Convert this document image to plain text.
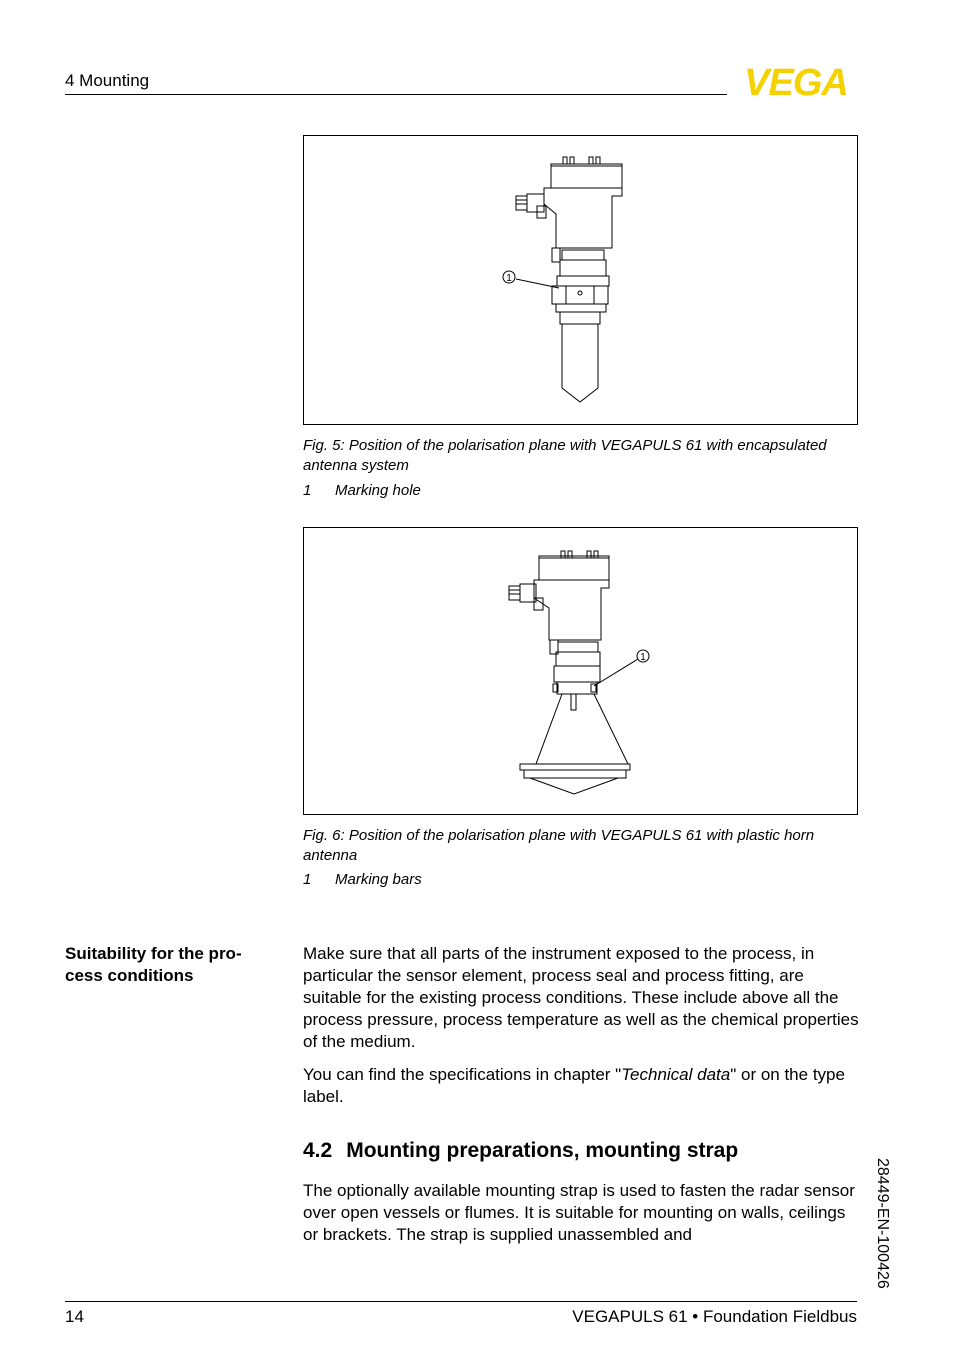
4 Mounting	VEGA
1
Fig. 5: Position of the polarisation plane with VEGAPULS 61 with encapsulated antenna system
1 Marking hole
1
Fig. 6: Position of the polarisation plane with VEGAPULS 61 with plastic horn antenna
1 Marking bars
Suitability for the pro-
cess conditions
Make sure that all parts of the instrument exposed to the process, in particular the sensor element, process seal and process fitting, are suitable for the existing process conditions. These include above all the process pressure, process temperature as well as the chemical properties of the medium.
You can find the specifications in chapter "Technical data" or on the type label.
4.2 Mounting preparations, mounting strap
The optionally available mounting strap is used to fasten the radar sensor over open vessels or flumes. It is suitable for mounting on walls, ceilings or brackets. The strap is supplied unassembled and	28449-EN-100426
14	VEGAPULS 61 • Foundation Fieldbus
